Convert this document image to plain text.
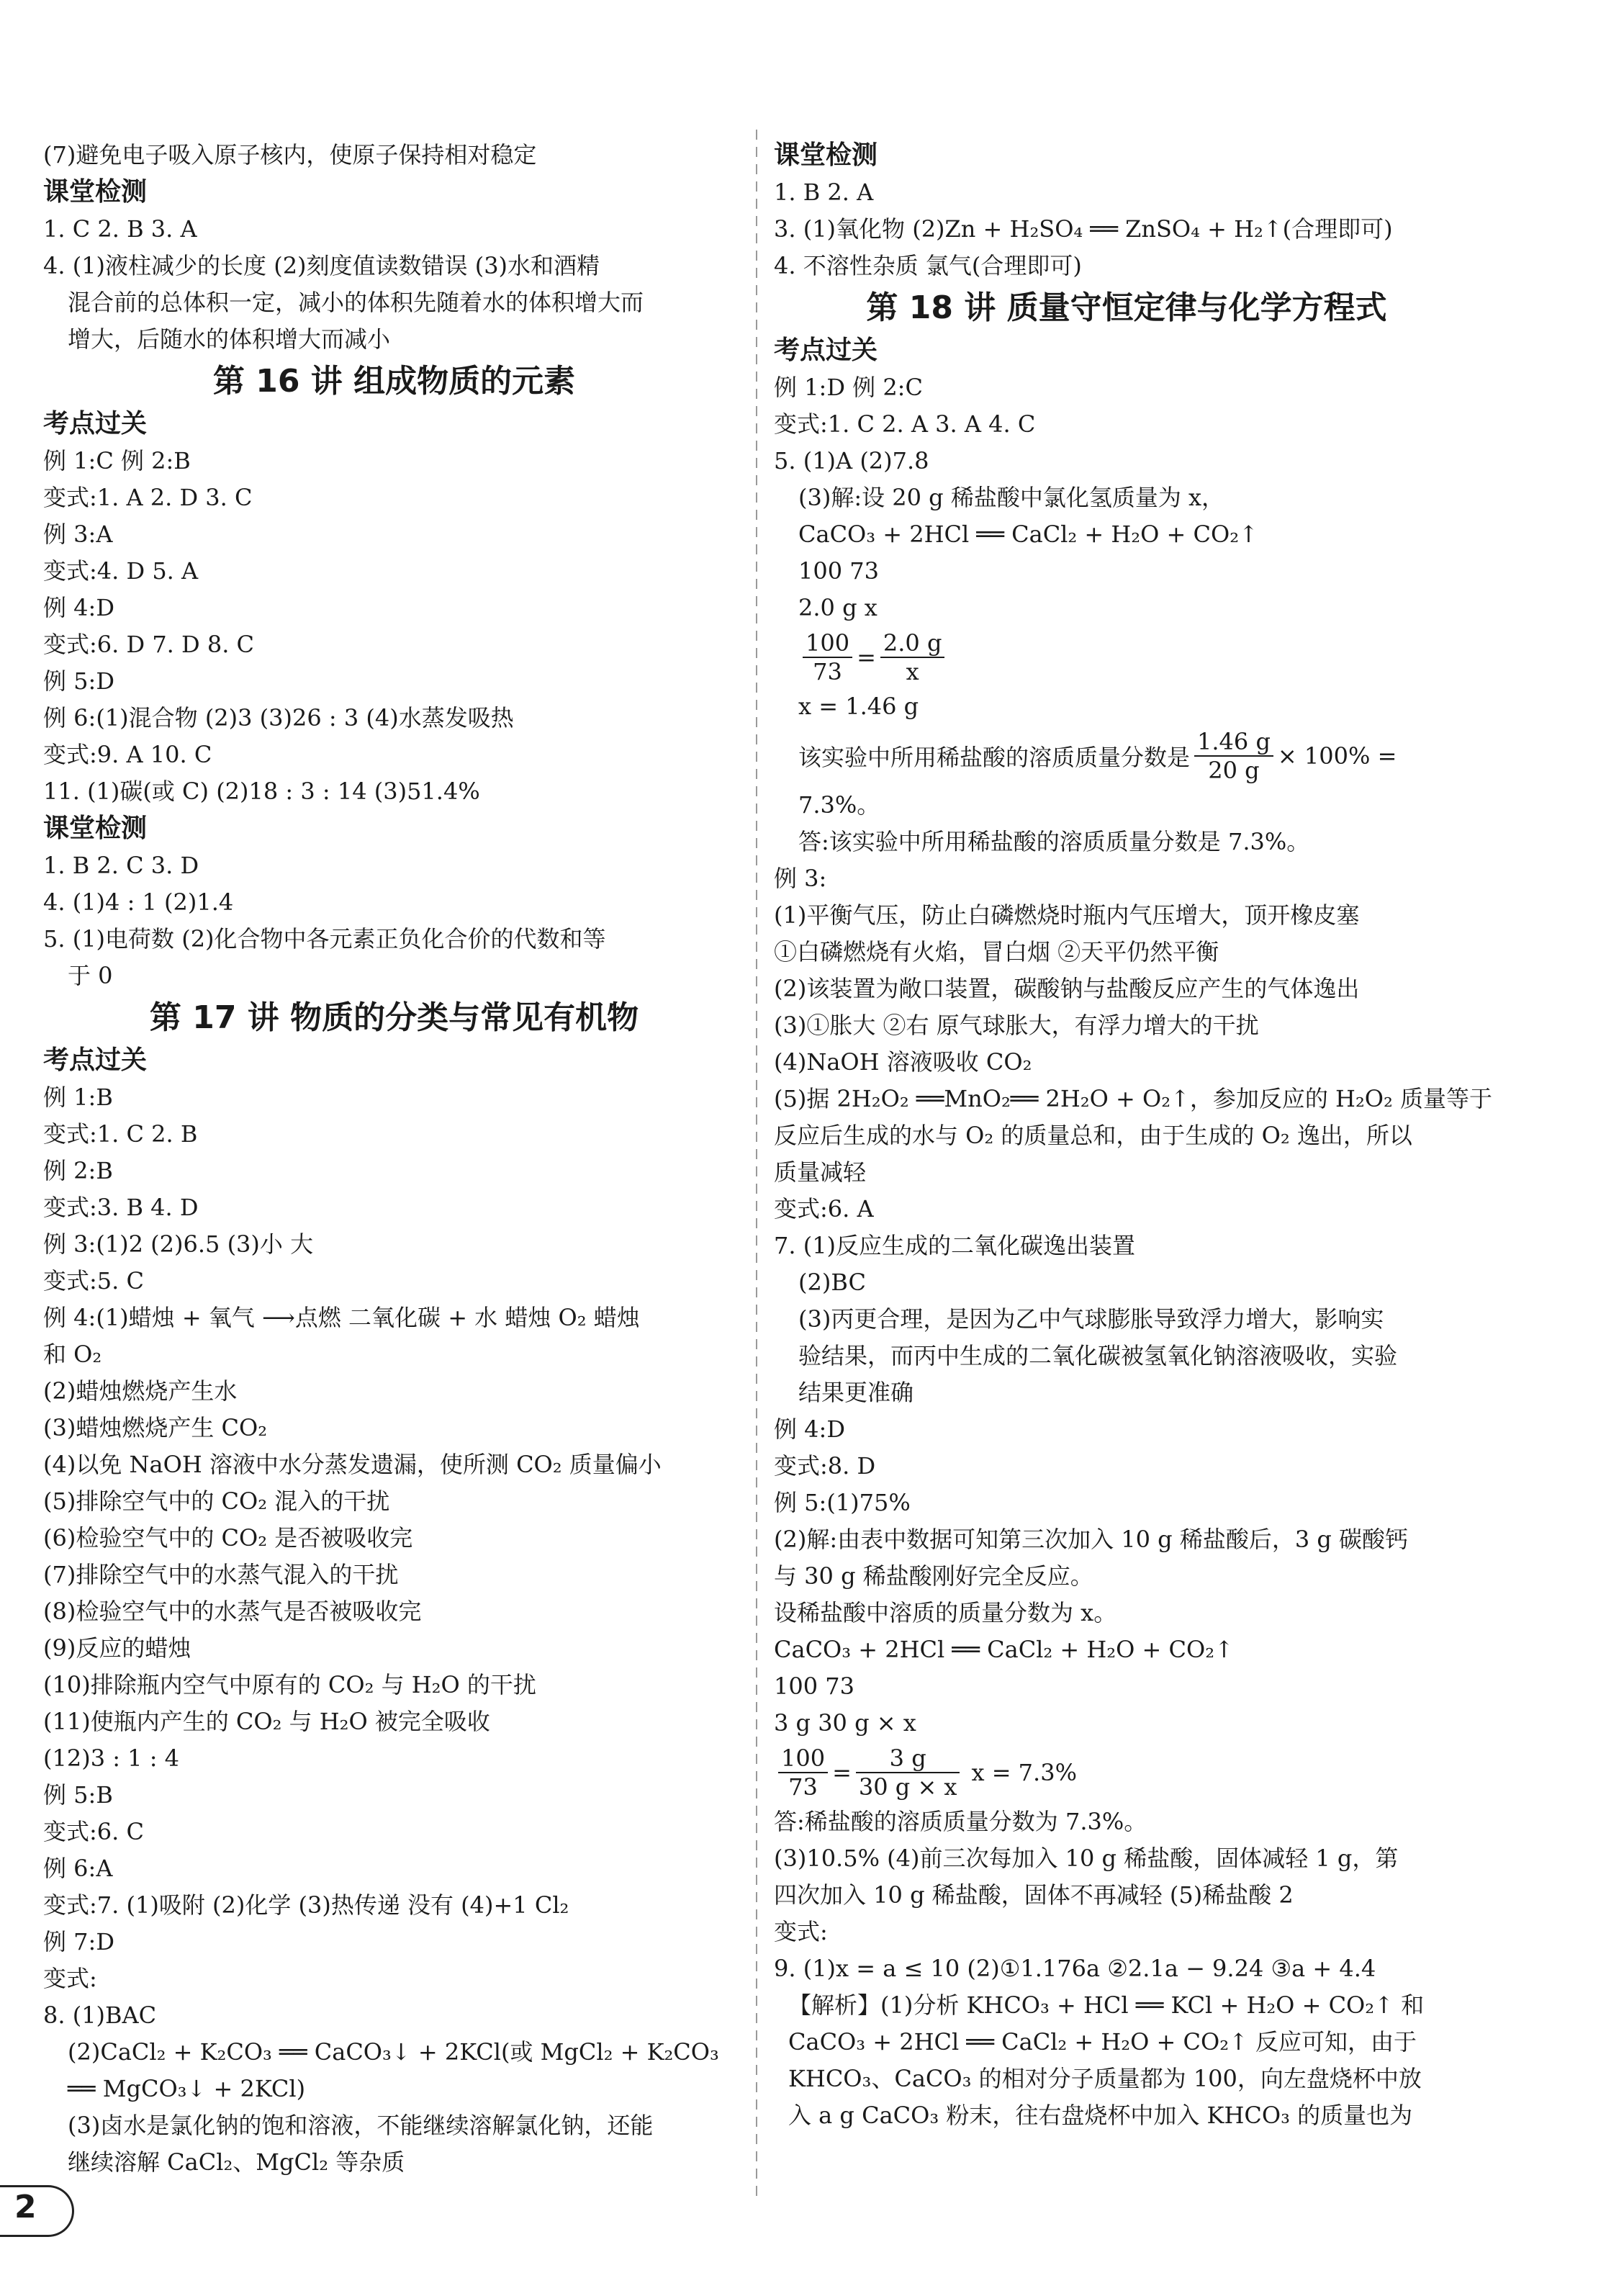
(7)避免电子吸入原子核内，使原子保持相对稳定
课堂检测
1. C 2. B 3. A
4. (1)液柱减少的长度 (2)刻度值读数错误 (3)水和酒精
混合前的总体积一定，减小的体积先随着水的体积增大而
增大，后随水的体积增大而减小
第 16 讲 组成物质的元素
考点过关
例 1:C 例 2:B
变式:1. A 2. D 3. C
例 3:A
变式:4. D 5. A
例 4:D
变式:6. D 7. D 8. C
例 5:D
例 6:(1)混合物 (2)3 (3)26 : 3 (4)水蒸发吸热
变式:9. A 10. C
11. (1)碳(或 C) (2)18 : 3 : 14 (3)51.4%
课堂检测
1. B 2. C 3. D
4. (1)4 : 1 (2)1.4
5. (1)电荷数 (2)化合物中各元素正负化合价的代数和等
于 0
第 17 讲 物质的分类与常见有机物
考点过关
例 1:B
变式:1. C 2. B
例 2:B
变式:3. B 4. D
例 3:(1)2 (2)6.5 (3)小 大
变式:5. C
例 4:(1)蜡烛 + 氧气 ⟶点燃 二氧化碳 + 水 蜡烛 O₂ 蜡烛
和 O₂
(2)蜡烛燃烧产生水
(3)蜡烛燃烧产生 CO₂
(4)以免 NaOH 溶液中水分蒸发遗漏，使所测 CO₂ 质量偏小
(5)排除空气中的 CO₂ 混入的干扰
(6)检验空气中的 CO₂ 是否被吸收完
(7)排除空气中的水蒸气混入的干扰
(8)检验空气中的水蒸气是否被吸收完
(9)反应的蜡烛
(10)排除瓶内空气中原有的 CO₂ 与 H₂O 的干扰
(11)使瓶内产生的 CO₂ 与 H₂O 被完全吸收
(12)3 : 1 : 4
例 5:B
变式:6. C
例 6:A
变式:7. (1)吸附 (2)化学 (3)热传递 没有 (4)+1 Cl₂
例 7:D
变式:
8. (1)BAC
(2)CaCl₂ + K₂CO₃ ══ CaCO₃↓ + 2KCl(或 MgCl₂ + K₂CO₃
══ MgCO₃↓ + 2KCl)
(3)卤水是氯化钠的饱和溶液，不能继续溶解氯化钠，还能
继续溶解 CaCl₂、MgCl₂ 等杂质
课堂检测
1. B 2. A
3. (1)氧化物 (2)Zn + H₂SO₄ ══ ZnSO₄ + H₂↑(合理即可)
4. 不溶性杂质 氯气(合理即可)
第 18 讲 质量守恒定律与化学方程式
考点过关
例 1:D 例 2:C
变式:1. C 2. A 3. A 4. C
5. (1)A (2)7.8
(3)解:设 20 g 稀盐酸中氯化氢质量为 x，
CaCO₃ + 2HCl ══ CaCl₂ + H₂O + CO₂↑
100 73
2.0 g x
$\frac{100}{73} = \frac{2.0 g}{x}$
x = 1.46 g
该实验中所用稀盐酸的溶质质量分数是 $\frac{1.46 g}{20 g} \times 100\%$ =
7.3%。
答:该实验中所用稀盐酸的溶质质量分数是 7.3%。
例 3:
(1)平衡气压，防止白磷燃烧时瓶内气压增大，顶开橡皮塞
①白磷燃烧有火焰，冒白烟 ②天平仍然平衡
(2)该装置为敞口装置，碳酸钠与盐酸反应产生的气体逸出
(3)①胀大 ②右 原气球胀大，有浮力增大的干扰
(4)NaOH 溶液吸收 CO₂
(5)据 2H₂O₂ ══MnO₂══ 2H₂O + O₂↑，参加反应的 H₂O₂ 质量等于
反应后生成的水与 O₂ 的质量总和，由于生成的 O₂ 逸出，所以
质量减轻
变式:6. A
7. (1)反应生成的二氧化碳逸出装置
(2)BC
(3)丙更合理，是因为乙中气球膨胀导致浮力增大，影响实
验结果，而丙中生成的二氧化碳被氢氧化钠溶液吸收，实验
结果更准确
例 4:D
变式:8. D
例 5:(1)75%
(2)解:由表中数据可知第三次加入 10 g 稀盐酸后，3 g 碳酸钙
与 30 g 稀盐酸刚好完全反应。
设稀盐酸中溶质的质量分数为 x。
CaCO₃ + 2HCl ══ CaCl₂ + H₂O + CO₂↑
100 73
3 g 30 g × x
$\frac{100}{73} = \frac{3 g}{30 g \times x}$ x = 7.3%
答:稀盐酸的溶质质量分数为 7.3%。
(3)10.5% (4)前三次每加入 10 g 稀盐酸，固体减轻 1 g，第
四次加入 10 g 稀盐酸，固体不再减轻 (5)稀盐酸 2
变式:
9. (1)x = a ≤ 10 (2)①1.176a ②2.1a − 9.24 ③a + 4.4
【解析】(1)分析 KHCO₃ + HCl ══ KCl + H₂O + CO₂↑ 和
CaCO₃ + 2HCl ══ CaCl₂ + H₂O + CO₂↑ 反应可知，由于
KHCO₃、CaCO₃ 的相对分子质量都为 100，向左盘烧杯中放
入 a g CaCO₃ 粉末，往右盘烧杯中加入 KHCO₃ 的质量也为
2
